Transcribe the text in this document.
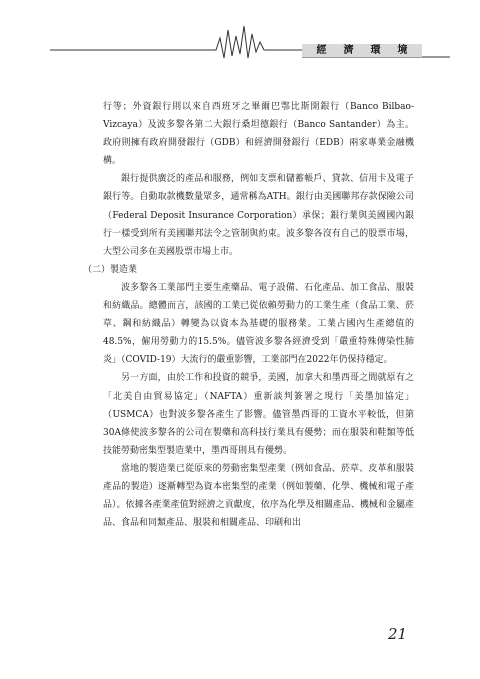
經 濟 環 境

行等；外資銀行則以來自西班牙之畢爾巴鄂比斯開銀行（Banco Bilbao-Vizcaya）及波多黎各第二大銀行桑坦德銀行（Banco Santander）為主。政府則擁有政府開發銀行（GDB）和經濟開發銀行（EDB）兩家專業金融機構。

銀行提供廣泛的產品和服務，例如支票和儲蓄帳戶、貸款、信用卡及電子銀行等。自動取款機數量眾多，通常稱為ATH。銀行由美國聯邦存款保險公司（Federal Deposit Insurance Corporation）承保；銀行業與美國國內銀行一樣受到所有美國聯邦法令之管制與約束。波多黎各沒有自己的股票市場，大型公司多在美國股票市場上市。

（二）製造業

波多黎各工業部門主要生產藥品、電子設備、石化產品、加工食品、服裝和紡織品。總體而言，該國的工業已從依賴勞動力的工業生產（食品工業、菸草、鋼和紡織品）轉變為以資本為基礎的服務業。工業占國內生產總值的48.5%，僱用勞動力的15.5%。儘管波多黎各經濟受到「嚴重特殊傳染性肺炎」（COVID-19）大流行的嚴重影響，工業部門在2022年仍保持穩定。

另一方面，由於工作和投資的競爭，美國，加拿大和墨西哥之間就原有之「北美自由貿易協定」（NAFTA）重新談判簽署之現行「美墨加協定」（USMCA）也對波多黎各產生了影響。儘管墨西哥的工資水平較低，但第30A條使波多黎各的公司在製藥和高科技行業具有優勢；而在服裝和鞋類等低技能勞動密集型製造業中，墨西哥則具有優勢。

當地的製造業已從原來的勞動密集型產業（例如食品、菸草、皮革和服裝產品的製造）逐漸轉型為資本密集型的產業（例如製藥、化學、機械和電子產品）。依據各產業產值對經濟之貢獻度，依序為化學及相關產品、機械和金屬產品、食品和同類產品、服裝和相關產品、印刷和出

21
